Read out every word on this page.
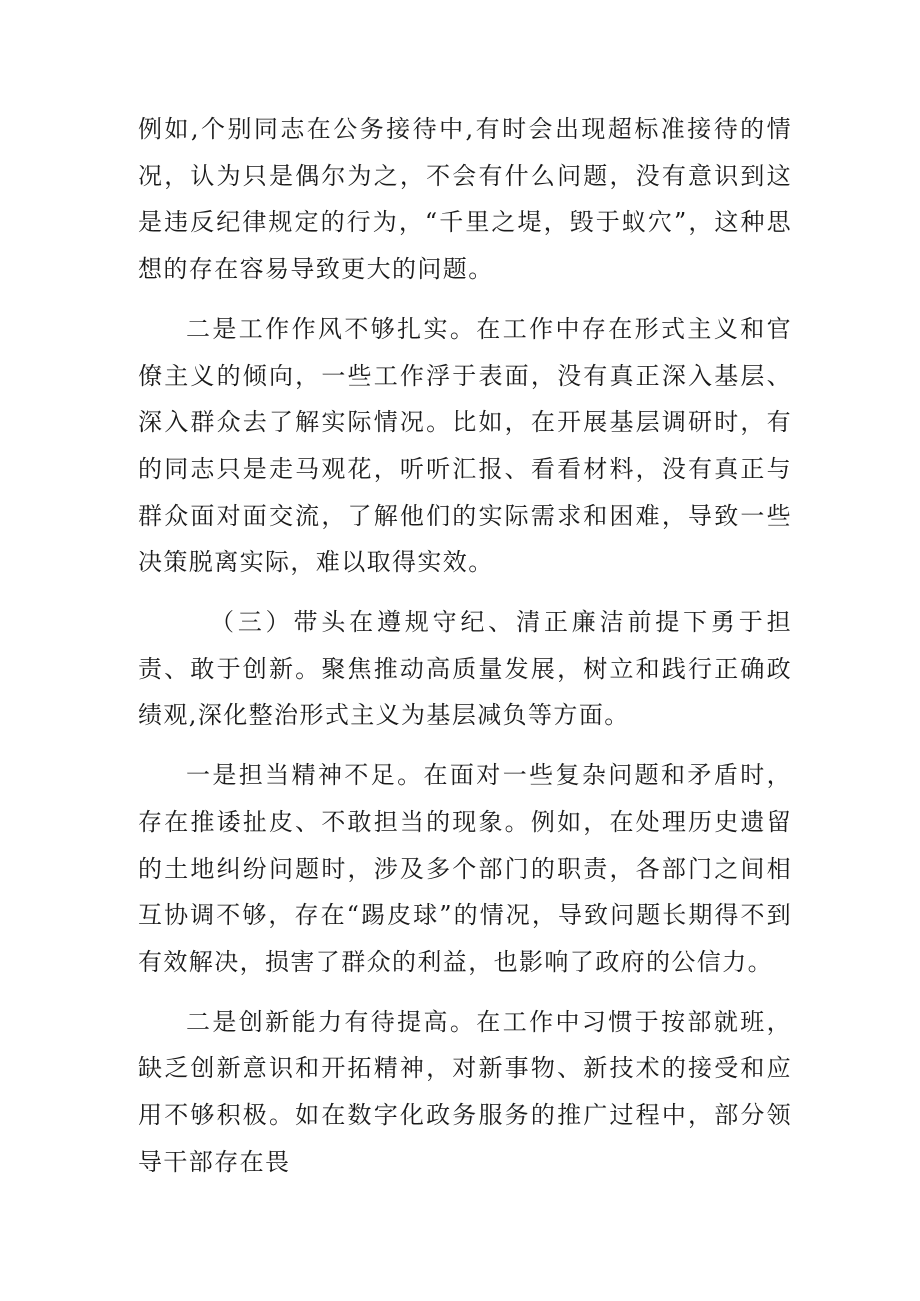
例如,个别同志在公务接待中,有时会出现超标准接待的情况，认为只是偶尔为之，不会有什么问题，没有意识到这是违反纪律规定的行为，“千里之堤，毁于蚁穴”，这种思想的存在容易导致更大的问题。

二是工作作风不够扎实。在工作中存在形式主义和官僚主义的倾向，一些工作浮于表面，没有真正深入基层、深入群众去了解实际情况。比如，在开展基层调研时，有的同志只是走马观花，听听汇报、看看材料，没有真正与群众面对面交流，了解他们的实际需求和困难，导致一些决策脱离实际，难以取得实效。

（三）带头在遵规守纪、清正廉洁前提下勇于担责、敢于创新。聚焦推动高质量发展，树立和践行正确政绩观,深化整治形式主义为基层减负等方面。

一是担当精神不足。在面对一些复杂问题和矛盾时，存在推诿扯皮、不敢担当的现象。例如，在处理历史遗留的土地纠纷问题时，涉及多个部门的职责，各部门之间相互协调不够，存在“踢皮球”的情况，导致问题长期得不到有效解决，损害了群众的利益，也影响了政府的公信力。

二是创新能力有待提高。在工作中习惯于按部就班，缺乏创新意识和开拓精神，对新事物、新技术的接受和应用不够积极。如在数字化政务服务的推广过程中，部分领导干部存在畏
